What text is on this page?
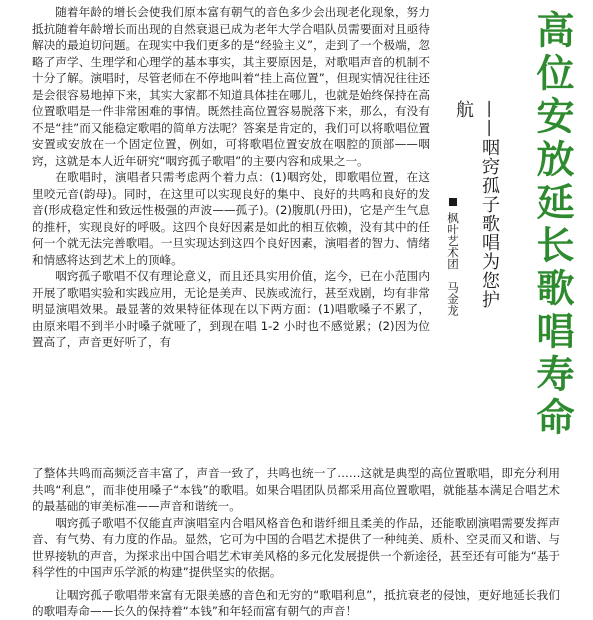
随着年龄的增长会使我们原本富有朝气的音色多少会出现老化现象，努力抵抗随着年龄增长而出现的自然衰退已成为老年大学合唱队员需要面对且亟待解决的最迫切问题。在现实中我们更多的是“经验主义”，走到了一个极端，忽略了声学、生理学和心理学的基本事实，其主要原因是，对歌唱声音的机制不十分了解。演唱时，尽管老师在不停地叫着“挂上高位置”，但现实情况往往还是会很容易地掉下来，其实大家都不知道具体挂在哪儿，也就是始终保持在高位置歌唱是一件非常困难的事情。既然挂高位置容易脱落下来，那么，有没有不是“挂”而又能稳定歌唱的简单方法呢？答案是肯定的，我们可以将歌唱位置安置或安放在一个固定位置，例如，可将歌唱位置安放在咽腔的顶部——咽窍，这就是本人近年研究“咽窍孤子歌唱”的主要内容和成果之一。

在歌唱时，演唱者只需考虑两个着力点：(1)咽窍处，即歌唱位置，在这里咬元音(韵母)。同时，在这里可以实现良好的集中、良好的共鸣和良好的发音(形成稳定性和致远性极强的声波——孤子)。(2)腹肌(丹田)，它是产生气息的推杆，实现良好的呼吸。这四个良好因素是如此的相互依赖，没有其中的任何一个就无法完善歌唱。一旦实现达到这四个良好因素，演唱者的智力、情绪和情感将达到艺术上的顶峰。

咽窍孤子歌唱不仅有理论意义，而且还具实用价值，迄今，已在小范围内开展了歌唱实验和实践应用，无论是美声、民族或流行，甚至戏剧，均有非常明显演唱效果。最显著的效果特征体现在以下两方面：(1)唱歌嗓子不累了，由原来唱不到半小时嗓子就哑了，到现在唱 1-2 小时也不感觉累；(2)因为位置高了，声音更好听了，有	高位安放延长歌唱寿命
——咽窍孤子歌唱为您护航
枫叶艺术团马金龙

了整体共鸣而高频泛音丰富了，声音一致了，共鸣也统一了……这就是典型的高位置歌唱，即充分利用共鸣“利息”，而非使用嗓子“本钱”的歌唱。如果合唱团队员都采用高位置歌唱，就能基本满足合唱艺术的最基础的审美标准——声音和谐统一。

咽窍孤子歌唱不仅能直声演唱室内合唱风格音色和谐纤细且柔美的作品，还能歌剧演唱需要发挥声音、有气势、有力度的作品。显然，它可为中国的合唱艺术提供了一种纯美、质朴、空灵而又和谐、与世界接轨的声音，为探求出中国合唱艺术审美风格的多元化发展提供一个新途径，甚至还有可能为“基于科学性的中国声乐学派的构建”提供坚实的依据。

让咽窍孤子歌唱带来富有无限美感的音色和无穷的“歌唱利息”，抵抗衰老的侵蚀，更好地延长我们的歌唱寿命——长久的保持着“本钱”和年轻而富有朝气的声音！
